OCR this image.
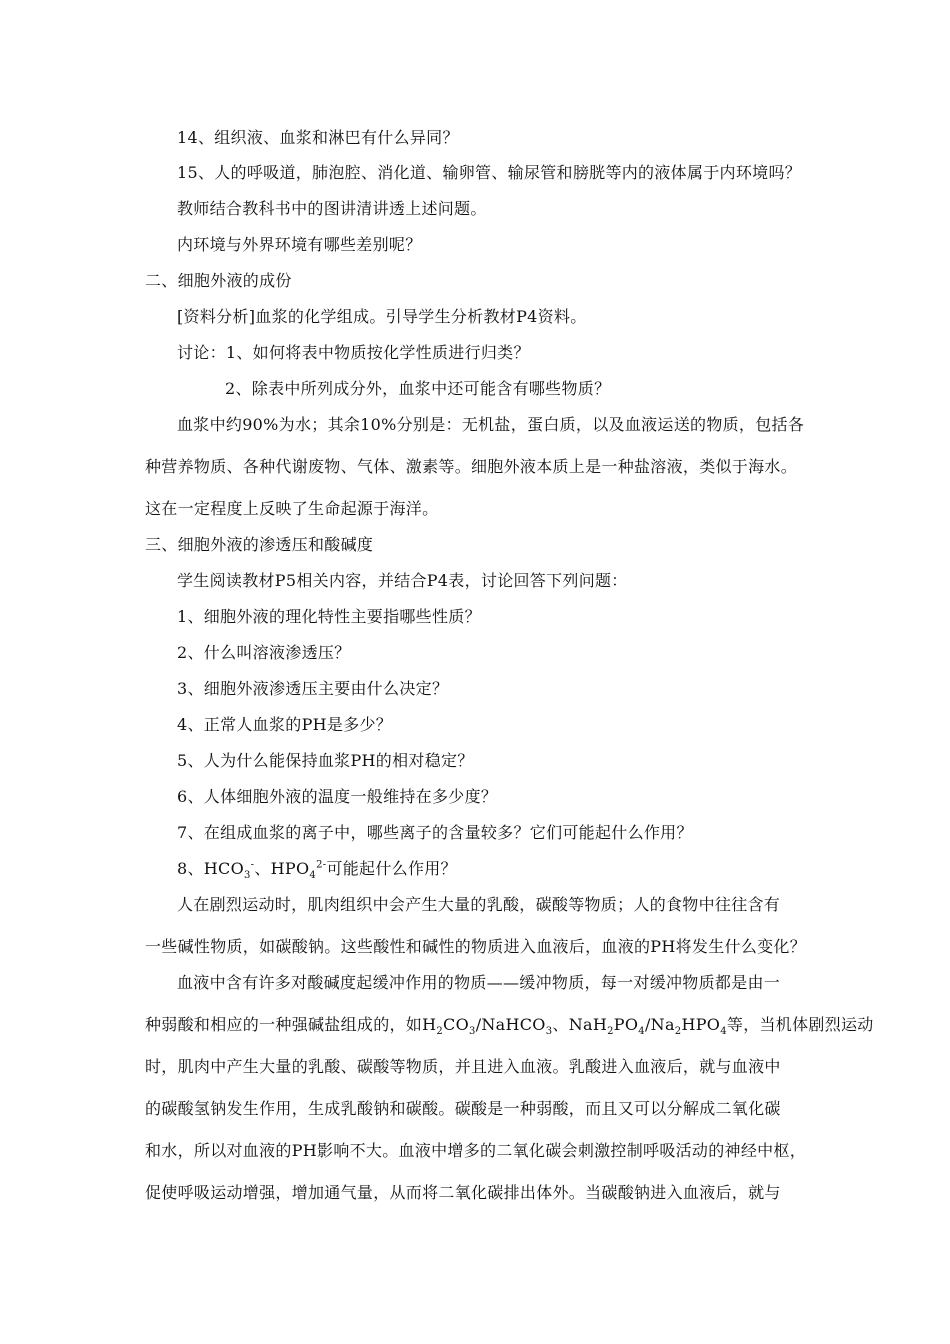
14、组织液、血浆和淋巴有什么异同？
15、人的呼吸道，肺泡腔、消化道、输卵管、输尿管和膀胱等内的液体属于内环境吗？
教师结合教科书中的图讲清讲透上述问题。
内环境与外界环境有哪些差别呢？
二、细胞外液的成份
[资料分析]血浆的化学组成。引导学生分析教材P4资料。
讨论：1、如何将表中物质按化学性质进行归类？
2、除表中所列成分外，血浆中还可能含有哪些物质？
血浆中约90%为水；其余10%分别是：无机盐，蛋白质，以及血液运送的物质，包括各
种营养物质、各种代谢废物、气体、激素等。细胞外液本质上是一种盐溶液，类似于海水。
这在一定程度上反映了生命起源于海洋。
三、细胞外液的渗透压和酸碱度
学生阅读教材P5相关内容，并结合P4表，讨论回答下列问题：
1、细胞外液的理化特性主要指哪些性质？
2、什么叫溶液渗透压？
3、细胞外液渗透压主要由什么决定？
4、正常人血浆的PH是多少？
5、人为什么能保持血浆PH的相对稳定？
6、人体细胞外液的温度一般维持在多少度？
7、在组成血浆的离子中，哪些离子的含量较多？它们可能起什么作用？
8、$HCO_3^-$、$HPO_4^{2-}$可能起什么作用？
人在剧烈运动时，肌肉组织中会产生大量的乳酸，碳酸等物质；人的食物中往往含有
一些碱性物质，如碳酸钠。这些酸性和碱性的物质进入血液后，血液的PH将发生什么变化？
血液中含有许多对酸碱度起缓冲作用的物质——缓冲物质，每一对缓冲物质都是由一
种弱酸和相应的一种强碱盐组成的，如$H_2CO_3/NaHCO_3$、$NaH_2PO_4/Na_2HPO_4$等，当机体剧烈运动
时，肌肉中产生大量的乳酸、碳酸等物质，并且进入血液。乳酸进入血液后，就与血液中
的碳酸氢钠发生作用，生成乳酸钠和碳酸。碳酸是一种弱酸，而且又可以分解成二氧化碳
和水，所以对血液的PH影响不大。血液中增多的二氧化碳会刺激控制呼吸活动的神经中枢，
促使呼吸运动增强，增加通气量，从而将二氧化碳排出体外。当碳酸钠进入血液后，就与
